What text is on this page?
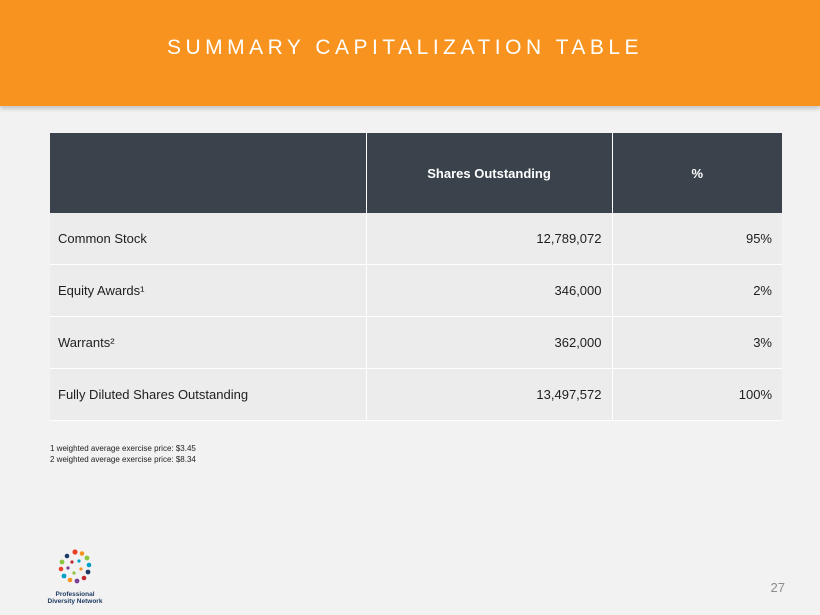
SUMMARY CAPITALIZATION TABLE
	Shares Outstanding	%
Common Stock	12,789,072	95%
Equity Awards¹	346,000	2%
Warrants²	362,000	3%
Fully Diluted Shares Outstanding	13,497,572	100%
1 weighted average exercise price: $3.45
2 weighted average exercise price: $8.34
Professional
Diversity Network
27
